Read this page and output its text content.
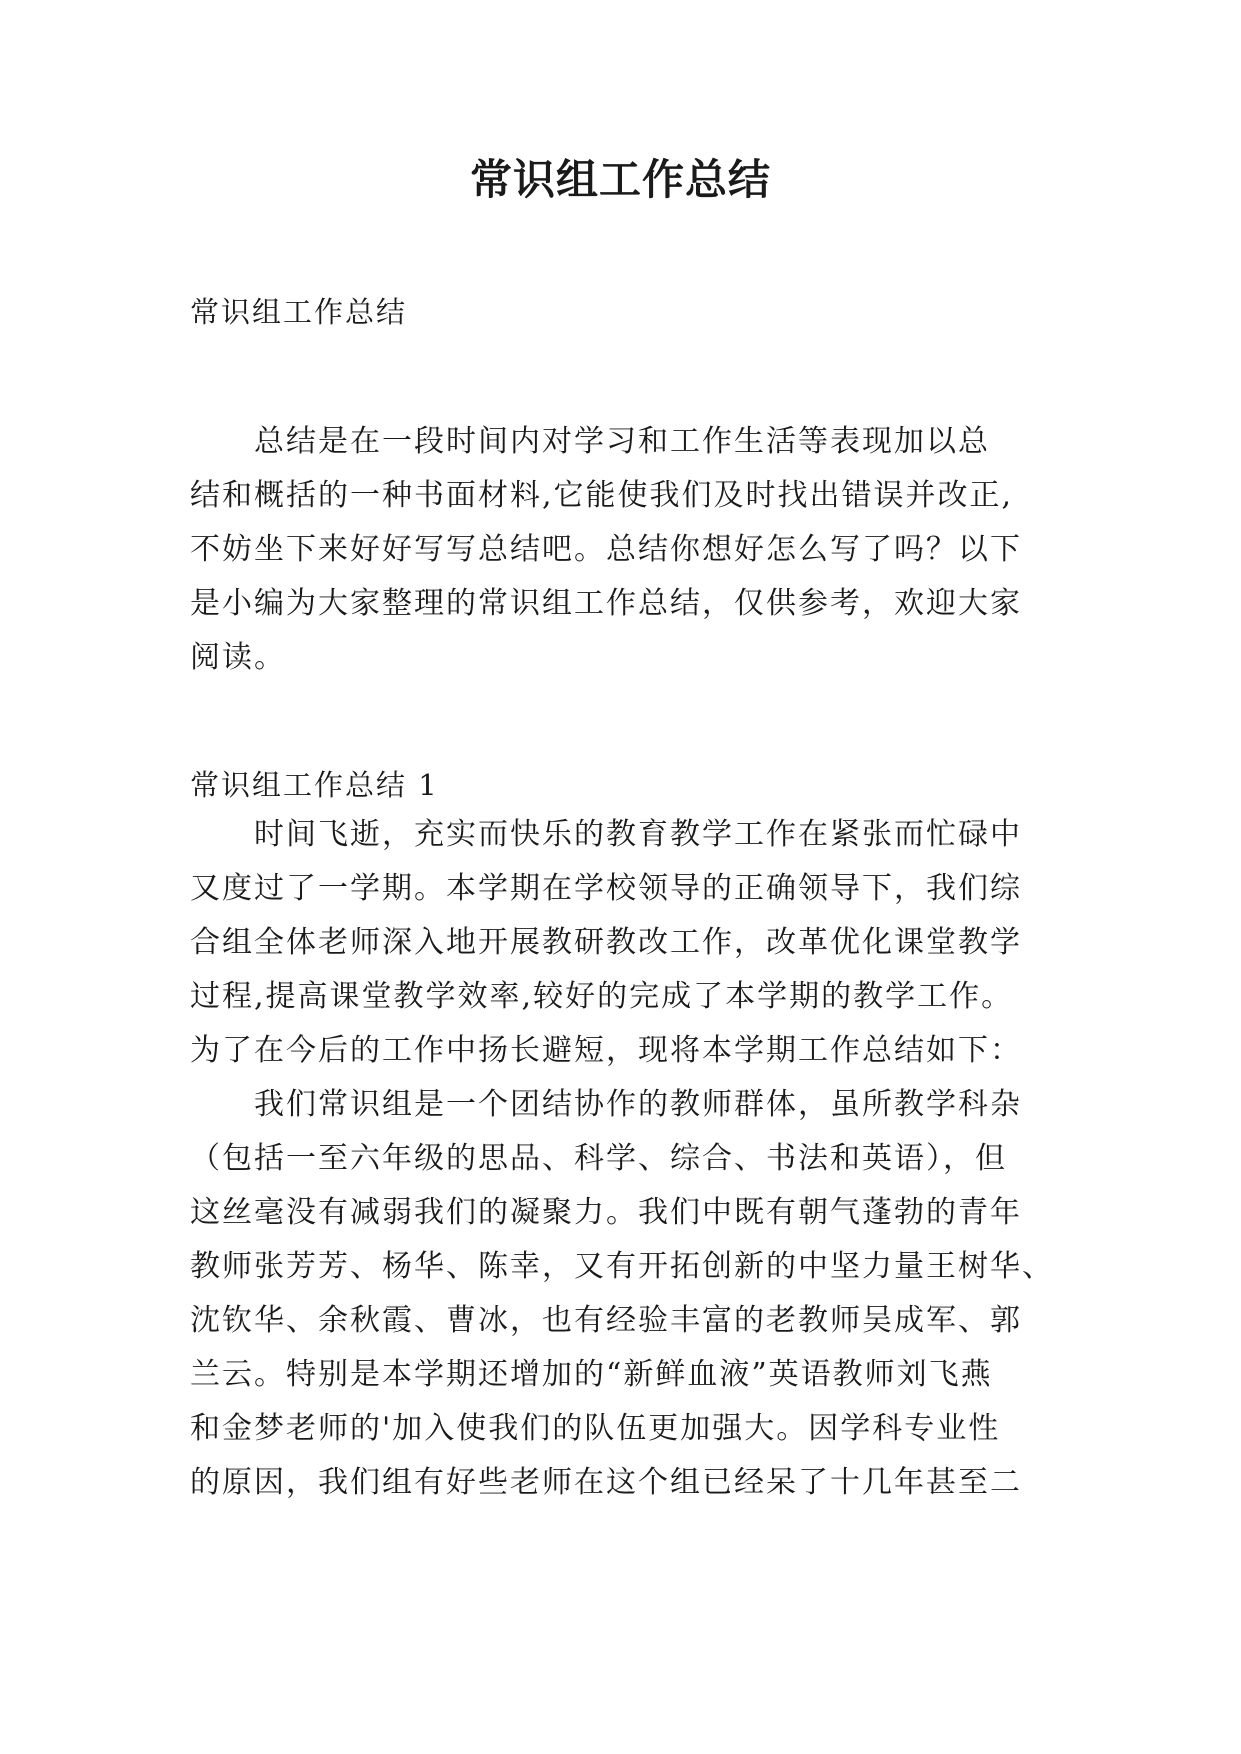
常识组工作总结

常识组工作总结

总结是在一段时间内对学习和工作生活等表现加以总
结和概括的一种书面材料,它能使我们及时找出错误并改正,
不妨坐下来好好写写总结吧。总结你想好怎么写了吗？以下
是小编为大家整理的常识组工作总结，仅供参考，欢迎大家
阅读。

常识组工作总结 1

时间飞逝，充实而快乐的教育教学工作在紧张而忙碌中
又度过了一学期。本学期在学校领导的正确领导下，我们综
合组全体老师深入地开展教研教改工作，改革优化课堂教学
过程,提高课堂教学效率,较好的完成了本学期的教学工作。
为了在今后的工作中扬长避短，现将本学期工作总结如下：
我们常识组是一个团结协作的教师群体，虽所教学科杂
（包括一至六年级的思品、科学、综合、书法和英语），但
这丝毫没有减弱我们的凝聚力。我们中既有朝气蓬勃的青年
教师张芳芳、杨华、陈幸，又有开拓创新的中坚力量王树华、
沈钦华、余秋霞、曹冰，也有经验丰富的老教师吴成军、郭
兰云。特别是本学期还增加的“新鲜血液”英语教师刘飞燕
和金梦老师的'加入使我们的队伍更加强大。因学科专业性
的原因，我们组有好些老师在这个组已经呆了十几年甚至二
